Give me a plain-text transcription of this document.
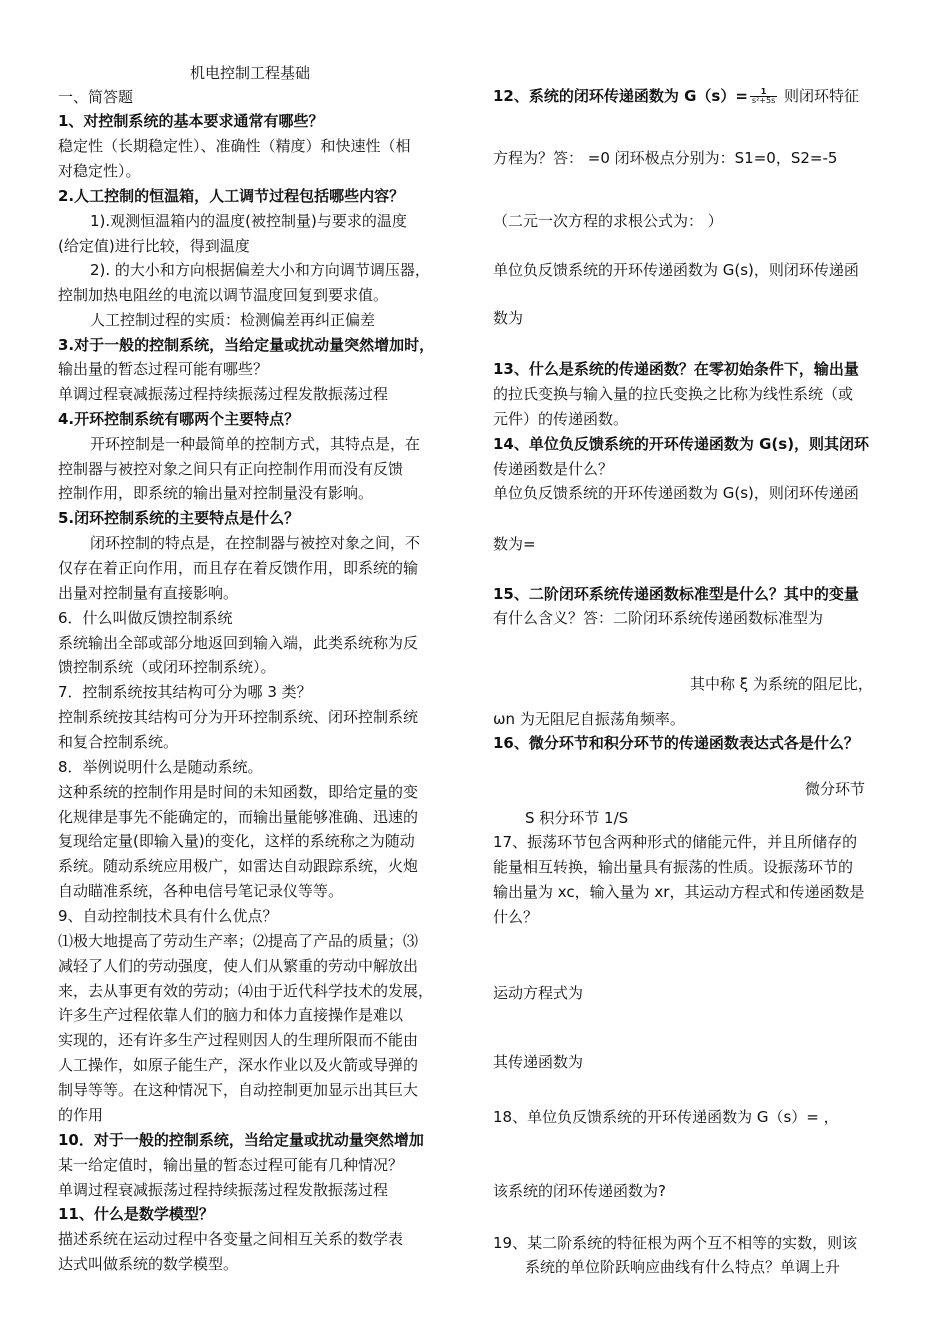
机电控制工程基础
一、简答题
1、对控制系统的基本要求通常有哪些？
稳定性（长期稳定性）、准确性（精度）和快速性（相
对稳定性）。
2.人工控制的恒温箱，人工调节过程包括哪些内容？
1).观测恒温箱内的温度(被控制量)与要求的温度
(给定值)进行比较，得到温度
2). 的大小和方向根据偏差大小和方向调节调压器，
控制加热电阻丝的电流以调节温度回复到要求值。
人工控制过程的实质：检测偏差再纠正偏差
3.对于一般的控制系统，当给定量或扰动量突然增加时，
输出量的暂态过程可能有哪些？
单调过程衰减振荡过程持续振荡过程发散振荡过程
4.开环控制系统有哪两个主要特点？
开环控制是一种最简单的控制方式，其特点是，在
控制器与被控对象之间只有正向控制作用而没有反馈
控制作用，即系统的输出量对控制量没有影响。
5.闭环控制系统的主要特点是什么？
闭环控制的特点是，在控制器与被控对象之间，不
仅存在着正向作用，而且存在着反馈作用，即系统的输
出量对控制量有直接影响。
6．什么叫做反馈控制系统
系统输出全部或部分地返回到输入端，此类系统称为反
馈控制系统（或闭环控制系统）。
7．控制系统按其结构可分为哪 3 类？
控制系统按其结构可分为开环控制系统、闭环控制系统
和复合控制系统。
8．举例说明什么是随动系统。
这种系统的控制作用是时间的未知函数，即给定量的变
化规律是事先不能确定的，而输出量能够准确、迅速的
复现给定量(即输入量)的变化，这样的系统称之为随动
系统。随动系统应用极广，如雷达自动跟踪系统，火炮
自动瞄准系统，各种电信号笔记录仪等等。
9、自动控制技术具有什么优点？
⑴极大地提高了劳动生产率；⑵提高了产品的质量；⑶
减轻了人们的劳动强度，使人们从繁重的劳动中解放出
来，去从事更有效的劳动；⑷由于近代科学技术的发展，
许多生产过程依靠人们的脑力和体力直接操作是难以
实现的，还有许多生产过程则因人的生理所限而不能由
人工操作，如原子能生产，深水作业以及火箭或导弹的
制导等等。在这种情况下，自动控制更加显示出其巨大
的作用
10．对于一般的控制系统，当给定量或扰动量突然增加
某一给定值时，输出量的暂态过程可能有几种情况？
单调过程衰减振荡过程持续振荡过程发散振荡过程
11、什么是数学模型？
描述系统在运动过程中各变量之间相互关系的数学表
达式叫做系统的数学模型。
12、系统的闭环传递函数为 $G(s)= \frac{1}{\text{s²+5s}}$ 则闭环特征
方程为？答： =0 闭环极点分别为：S1=0，S2=-5
（二元一次方程的求根公式为： ）
单位负反馈系统的开环传递函数为 G(s)，则闭环传递函
数为
13、什么是系统的传递函数？在零初始条件下，输出量
的拉氏变换与输入量的拉氏变换之比称为线性系统（或
元件）的传递函数。
14、单位负反馈系统的开环传递函数为 G(s)，则其闭环
传递函数是什么？
单位负反馈系统的开环传递函数为 G(s)，则闭环传递函
数为=
15、二阶闭环系统传递函数标准型是什么？其中的变量
有什么含义？答：二阶闭环系统传递函数标准型为
其中称 ξ 为系统的阻尼比，
ωn 为无阻尼自振荡角频率。
16、微分环节和积分环节的传递函数表达式各是什么？
微分环节
S 积分环节 1/S
17、振荡环节包含两种形式的储能元件，并且所储存的
能量相互转换，输出量具有振荡的性质。设振荡环节的
输出量为 xc，输入量为 xr，其运动方程式和传递函数是
什么？
运动方程式为
其传递函数为
18、单位负反馈系统的开环传递函数为 G（s）= ，
该系统的闭环传递函数为?
19、某二阶系统的特征根为两个互不相等的实数，则该
系统的单位阶跃响应曲线有什么特点？单调上升
